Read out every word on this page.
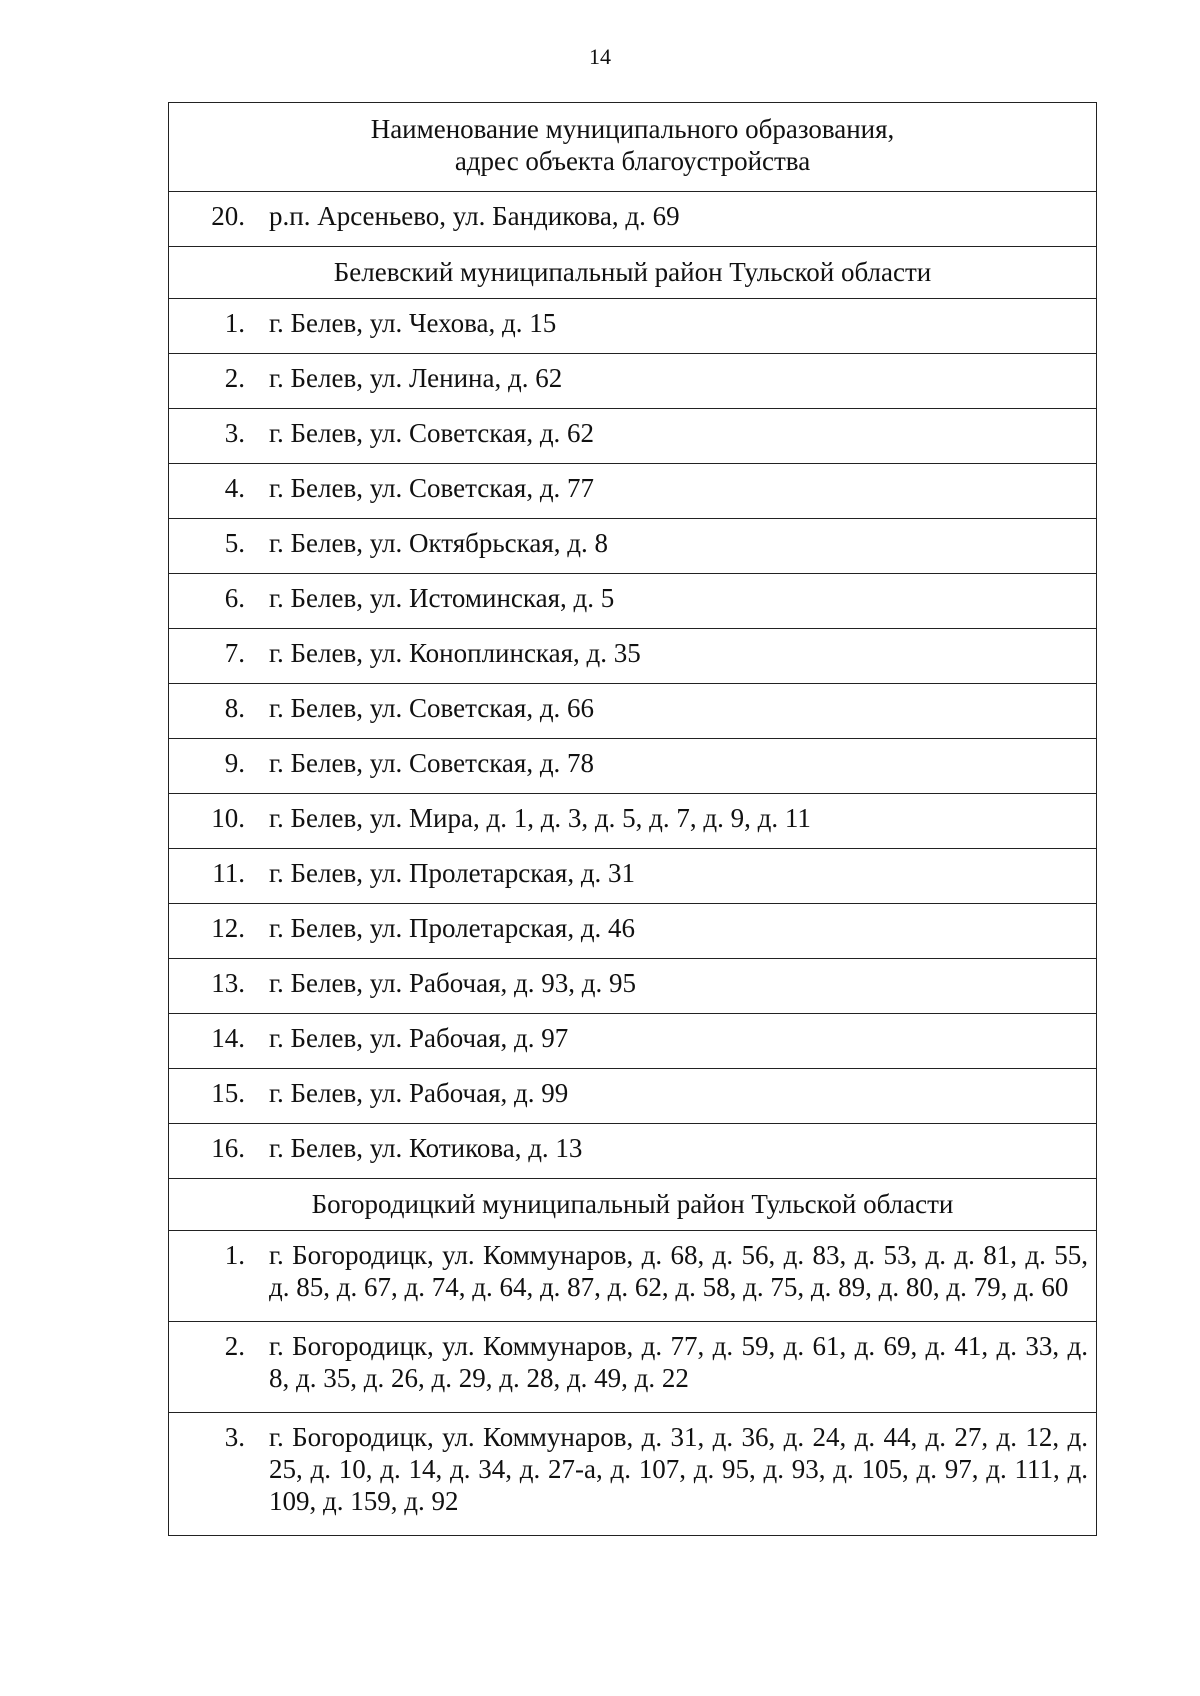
14
Наименование муниципального образования,
адрес объекта благоустройства	

20.	р.п. Арсеньево, ул. Бандикова, д. 69
Белевский муниципальный район Тульской области	
1.	г. Белев, ул. Чехова, д. 15
2.	г. Белев, ул. Ленина, д. 62
3.	г. Белев, ул. Советская, д. 62
4.	г. Белев, ул. Советская, д. 77
5.	г. Белев, ул. Октябрьская, д. 8
6.	г. Белев, ул. Истоминская, д. 5
7.	г. Белев, ул. Коноплинская, д. 35
8.	г. Белев, ул. Советская, д. 66
9.	г. Белев, ул. Советская, д. 78
10.	г. Белев, ул. Мира, д. 1, д. 3, д. 5, д. 7, д. 9, д. 11
11.	г. Белев, ул. Пролетарская, д. 31
12.	г. Белев, ул. Пролетарская, д. 46
13.	г. Белев, ул. Рабочая, д. 93, д. 95
14.	г. Белев, ул. Рабочая, д. 97
15.	г. Белев, ул. Рабочая, д. 99
16.	г. Белев, ул. Котикова, д. 13
Богородицкий муниципальный район Тульской области	
1.	г. Богородицк, ул. Коммунаров, д. 68, д. 56, д. 83, д. 53, д. д. 81, д. 55, д. 85, д. 67, д. 74, д. 64, д. 87, д. 62, д. 58, д. 75, д. 89, д. 80, д. 79, д. 60
2.	г. Богородицк, ул. Коммунаров, д. 77, д. 59, д. 61, д. 69, д. 41, д. 33, д. 8, д. 35, д. 26, д. 29, д. 28, д. 49, д. 22
3.	г. Богородицк, ул. Коммунаров, д. 31, д. 36, д. 24, д. 44, д. 27, д. 12, д. 25, д. 10, д. 14, д. 34, д. 27-а, д. 107, д. 95, д. 93, д. 105, д. 97, д. 111, д. 109, д. 159, д. 92
